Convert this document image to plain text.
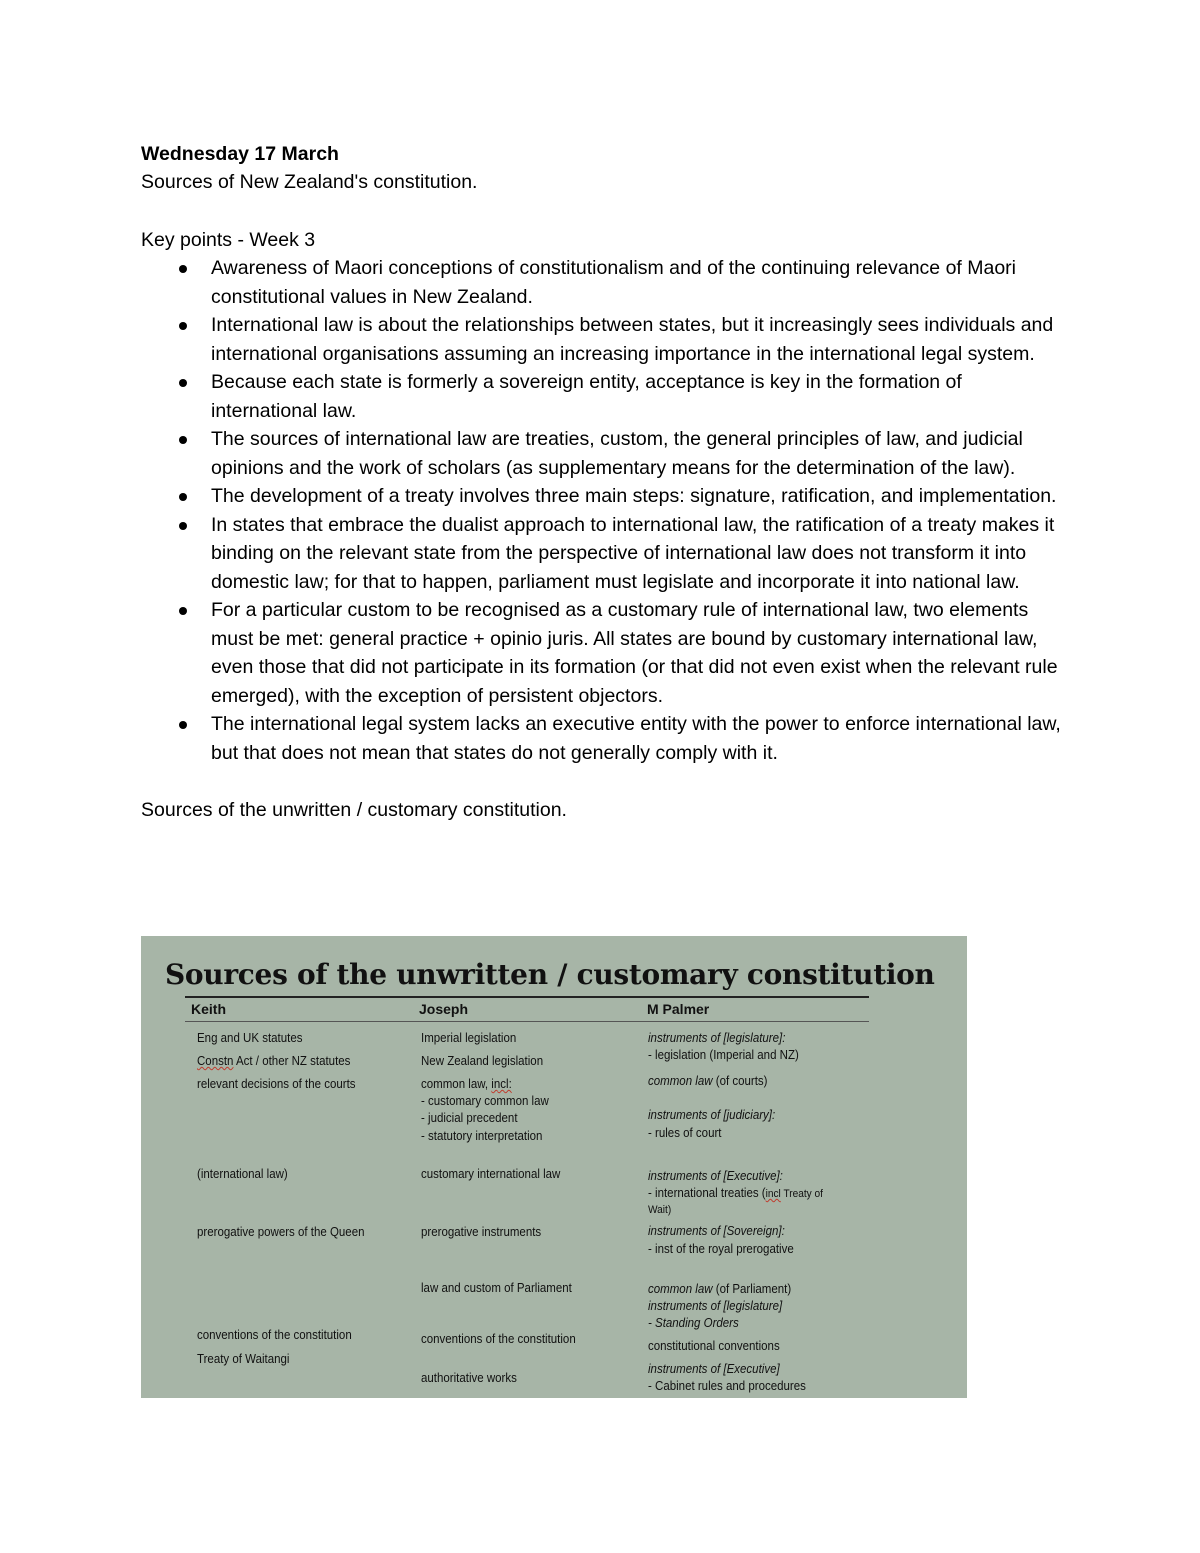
Wednesday 17 March
Sources of New Zealand's constitution.
Key points - Week 3
Awareness of Maori conceptions of constitutionalism and of the continuing relevance of Maori constitutional values in New Zealand.
International law is about the relationships between states, but it increasingly sees individuals and international organisations assuming an increasing importance in the international legal system.
Because each state is formerly a sovereign entity, acceptance is key in the formation of international law.
The sources of international law are treaties, custom, the general principles of law, and judicial opinions and the work of scholars (as supplementary means for the determination of the law).
The development of a treaty involves three main steps: signature, ratification, and implementation.
In states that embrace the dualist approach to international law, the ratification of a treaty makes it binding on the relevant state from the perspective of international law does not transform it into domestic law; for that to happen, parliament must legislate and incorporate it into national law.
For a particular custom to be recognised as a customary rule of international law, two elements must be met: general practice + opinio juris. All states are bound by customary international law, even those that did not participate in its formation (or that did not even exist when the relevant rule emerged), with the exception of persistent objectors.
The international legal system lacks an executive entity with the power to enforce international law, but that does not mean that states do not generally comply with it.
Sources of the unwritten / customary constitution.
Sources of the unwritten / customary constitution
Keith	Joseph	M Palmer
Eng and UK statutes
Constn Act / other NZ statutes
relevant decisions of the courts
(international law)
prerogative powers of the Queen
conventions of the constitution
Treaty of Waitangi
Imperial legislation
New Zealand legislation
common law, incl:
- customary common law
- judicial precedent
- statutory interpretation
customary international law
prerogative instruments
law and custom of Parliament
conventions of the constitution
authoritative works
instruments of [legislature]:
- legislation (Imperial and NZ)
common law (of courts)
instruments of [judiciary]:
- rules of court
instruments of [Executive]:
- international treaties (incl Treaty of
Wait)
instruments of [Sovereign]:
- inst of the royal prerogative
common law (of Parliament)
instruments of [legislature]
- Standing Orders
constitutional conventions
instruments of [Executive]
- Cabinet rules and procedures
